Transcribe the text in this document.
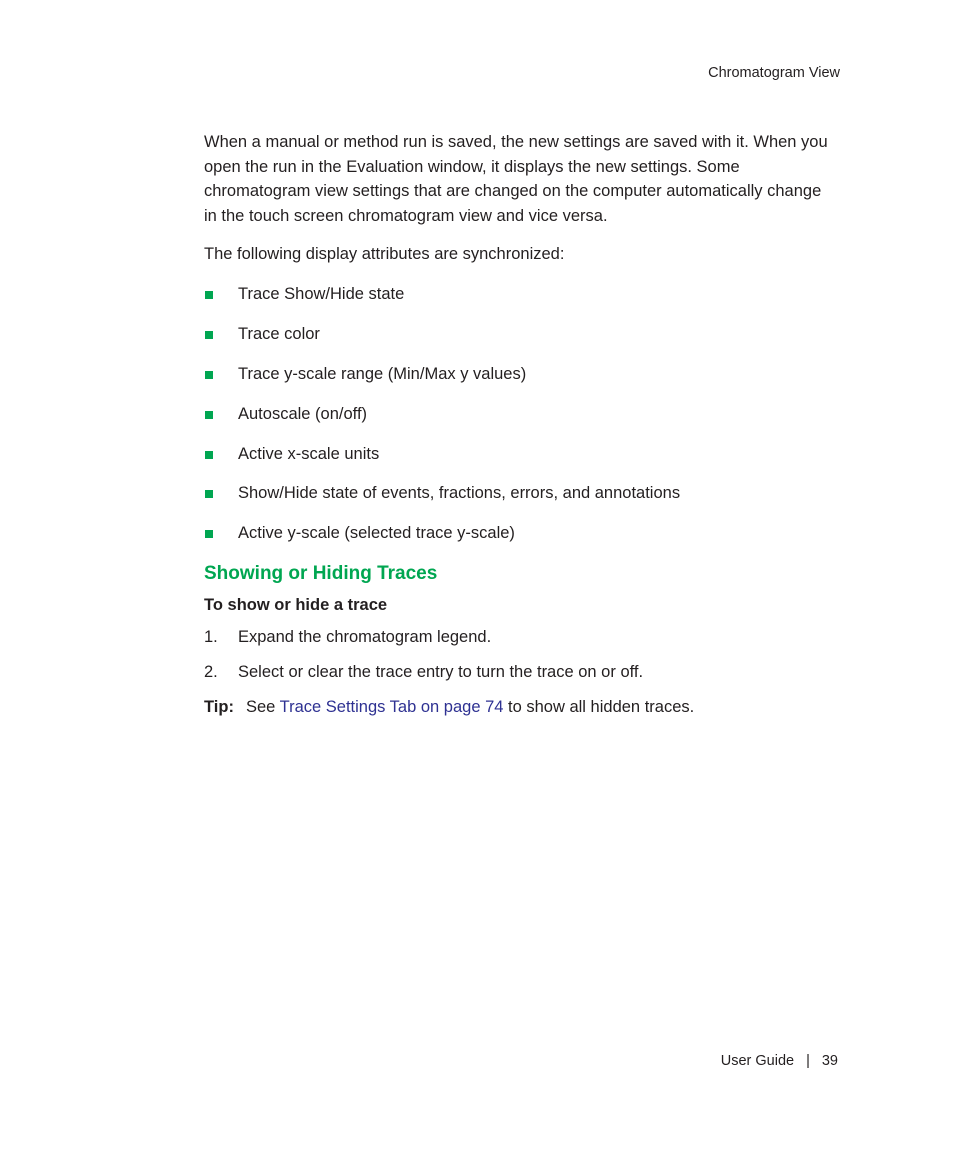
Chromatogram View

When a manual or method run is saved, the new settings are saved with it. When you open the run in the Evaluation window, it displays the new settings. Some chromatogram view settings that are changed on the computer automatically change in the touch screen chromatogram view and vice versa.

The following display attributes are synchronized:

Trace Show/Hide state
Trace color
Trace y-scale range (Min/Max y values)
Autoscale (on/off)
Active x-scale units
Show/Hide state of events, fractions, errors, and annotations
Active y-scale (selected trace y-scale)
Showing or Hiding Traces
To show or hide a trace
1. Expand the chromatogram legend.
2. Select or clear the trace entry to turn the trace on or off.
Tip: See Trace Settings Tab on page 74 to show all hidden traces.
User Guide | 39
